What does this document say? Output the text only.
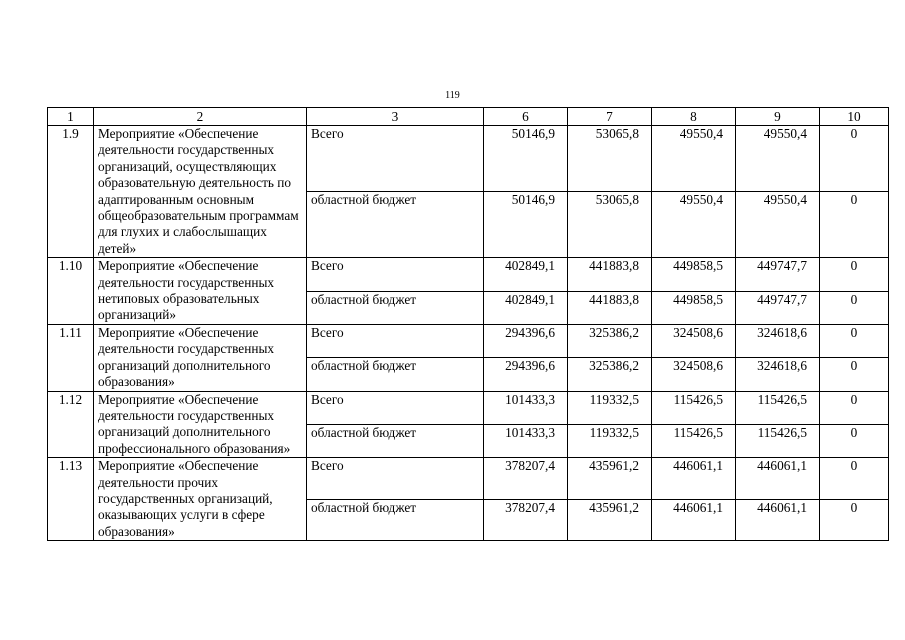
119
1	2	3	6	7	8	9	10
1.9	Мероприятие «Обеспечение деятельности государственных организаций, осуществляющих образовательную деятельность по адаптированным основным общеобразовательным программам для глухих и слабослышащих детей»	Всего	50146,9	53065,8	49550,4	49550,4	0
		областной бюджет	50146,9	53065,8	49550,4	49550,4	0
1.10	Мероприятие «Обеспечение деятельности государственных нетиповых образовательных организаций»	Всего	402849,1	441883,8	449858,5	449747,7	0
		областной бюджет	402849,1	441883,8	449858,5	449747,7	0
1.11	Мероприятие «Обеспечение деятельности государственных организаций дополнительного образования»	Всего	294396,6	325386,2	324508,6	324618,6	0
		областной бюджет	294396,6	325386,2	324508,6	324618,6	0
1.12	Мероприятие «Обеспечение деятельности государственных организаций дополнительного профессионального образования»	Всего	101433,3	119332,5	115426,5	115426,5	0
		областной бюджет	101433,3	119332,5	115426,5	115426,5	0
1.13	Мероприятие «Обеспечение деятельности прочих государственных организаций, оказывающих услуги в сфере образования»	Всего	378207,4	435961,2	446061,1	446061,1	0
		областной бюджет	378207,4	435961,2	446061,1	446061,1	0
